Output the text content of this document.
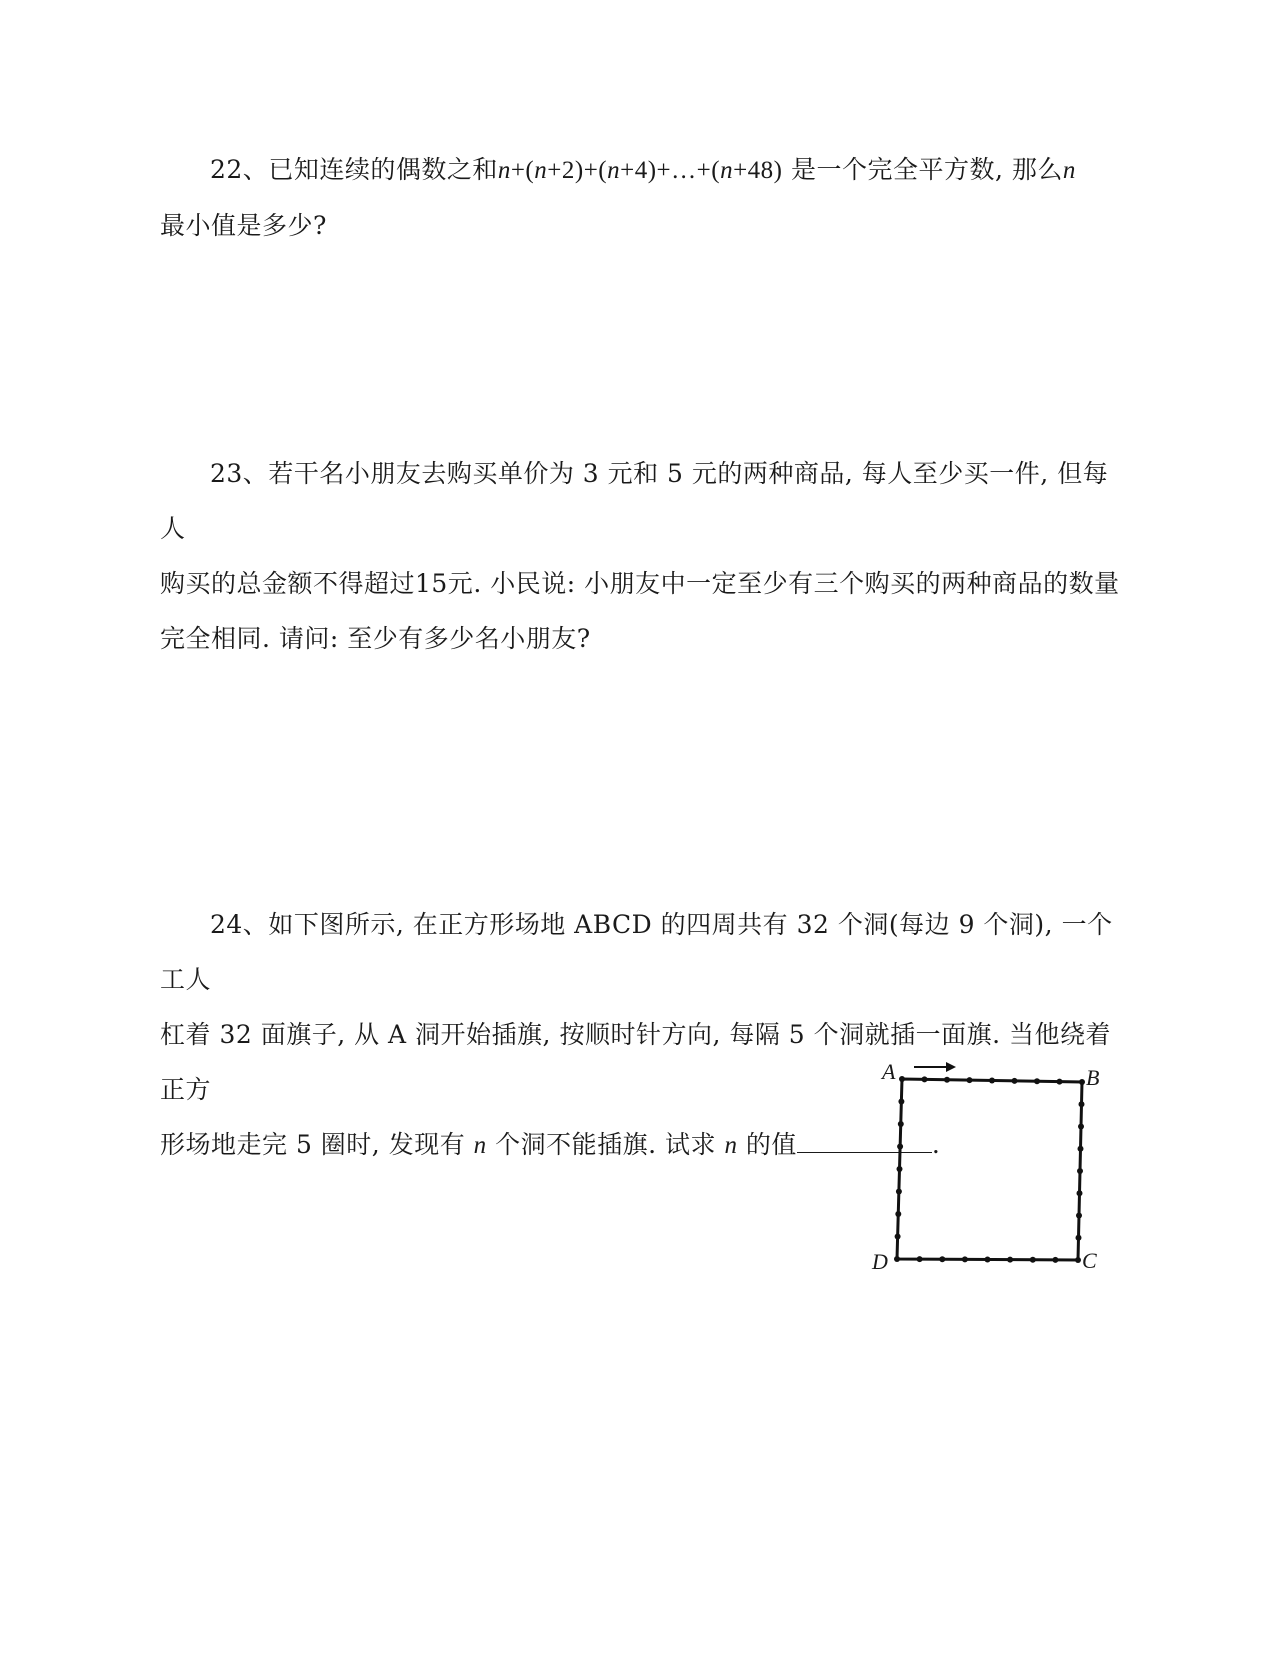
22、已知连续的偶数之和n+(n+2)+(n+4)+…+(n+48) 是一个完全平方数, 那么n

最小值是多少?

23、若干名小朋友去购买单价为 3 元和 5 元的两种商品, 每人至少买一件, 但每人

购买的总金额不得超过15元. 小民说: 小朋友中一定至少有三个购买的两种商品的数量

完全相同. 请问: 至少有多少名小朋友?

24、如下图所示, 在正方形场地 ABCD 的四周共有 32 个洞(每边 9 个洞), 一个工人

杠着 32 面旗子, 从 A 洞开始插旗, 按顺时针方向, 每隔 5 个洞就插一面旗. 当他绕着正方

形场地走完 5 圈时, 发现有 n 个洞不能插旗. 试求 n 的值	.

A	B
C
D
